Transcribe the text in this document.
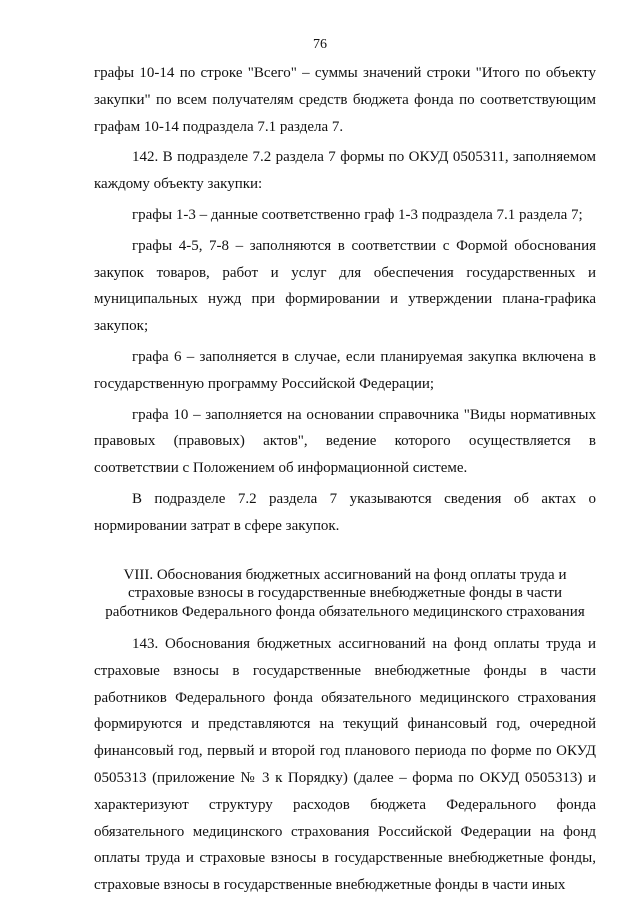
76

графы 10-14 по строке "Всего" – суммы значений строки "Итого по объекту закупки" по всем получателям средств бюджета фонда по соответствующим графам 10-14 подраздела 7.1 раздела 7.

142. В подразделе 7.2 раздела 7 формы по ОКУД 0505311, заполняемом каждому объекту закупки:

графы 1-3 – данные соответственно граф 1-3 подраздела 7.1 раздела 7;

графы 4-5, 7-8 – заполняются в соответствии с Формой обоснования закупок товаров, работ и услуг для обеспечения государственных и муниципальных нужд при формировании и утверждении плана-графика закупок;

графа 6 – заполняется в случае, если планируемая закупка включена в государственную программу Российской Федерации;

графа 10 – заполняется на основании справочника "Виды нормативных правовых (правовых) актов", ведение которого осуществляется в соответствии с Положением об информационной системе.

В подразделе 7.2 раздела 7 указываются сведения об актах о нормировании затрат в сфере закупок.

VIII. Обоснования бюджетных ассигнований на фонд оплаты труда и
страховые взносы в государственные внебюджетные фонды в части
работников Федерального фонда обязательного медицинского страхования

143. Обоснования бюджетных ассигнований на фонд оплаты труда и страховые взносы в государственные внебюджетные фонды в части работников Федерального фонда обязательного медицинского страхования формируются и представляются на текущий финансовый год, очередной финансовый год, первый и второй год планового периода по форме по ОКУД 0505313 (приложение № 3 к Порядку) (далее – форма по ОКУД 0505313) и характеризуют структуру расходов бюджета Федерального фонда обязательного медицинского страхования Российской Федерации на фонд оплаты труда и страховые взносы в государственные внебюджетные фонды, страховые взносы в государственные внебюджетные фонды в части иных
